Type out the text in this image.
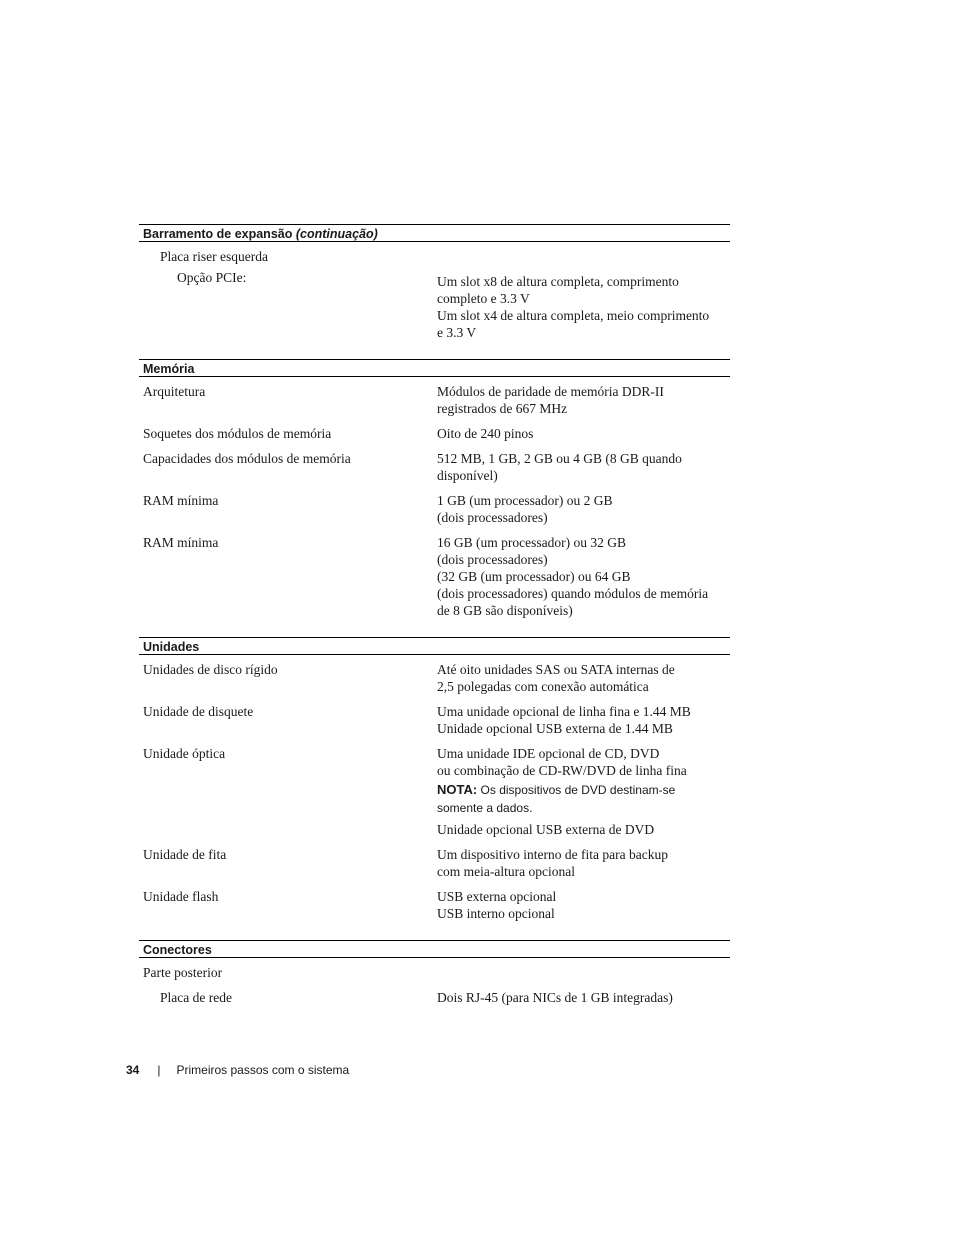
Barramento de expansão (continuação)
Placa riser esquerda
Opção PCIe:	Um slot x8 de altura completa, comprimento
completo e 3.3 V
Um slot x4 de altura completa, meio comprimento
e 3.3 V
Memória
Arquitetura	Módulos de paridade de memória DDR-II
registrados de 667 MHz
Soquetes dos módulos de memória	Oito de 240 pinos
Capacidades dos módulos de memória	512 MB, 1 GB, 2 GB ou 4 GB (8 GB quando
disponível)
RAM mínima	1 GB (um processador) ou 2 GB
(dois processadores)
RAM mínima	16 GB (um processador) ou 32 GB
(dois processadores)
(32 GB (um processador) ou 64 GB
(dois processadores) quando módulos de memória
de 8 GB são disponíveis)
Unidades
Unidades de disco rígido	Até oito unidades SAS ou SATA internas de
2,5 polegadas com conexão automática
Unidade de disquete	Uma unidade opcional de linha fina e 1.44 MB
Unidade opcional USB externa de 1.44 MB
Unidade óptica	Uma unidade IDE opcional de CD, DVD
ou combinação de CD-RW/DVD de linha fina
NOTA: Os dispositivos de DVD destinam-se
somente a dados.
Unidade opcional USB externa de DVD
Unidade de fita	Um dispositivo interno de fita para backup
com meia-altura opcional
Unidade flash	USB externa opcional
USB interno opcional
Conectores
Parte posterior
Placa de rede	Dois RJ-45 (para NICs de 1 GB integradas)
34 | Primeiros passos com o sistema
